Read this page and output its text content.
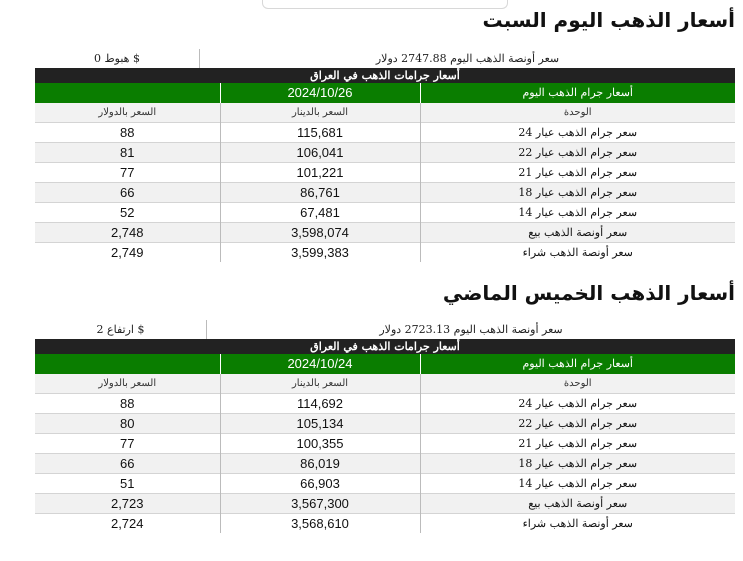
أسعار الذهب اليوم السبت
سعر أونصة الذهب اليوم 2747.88 دولار
هبوط 0 $
أسعار جرامات الذهب في العراق		
أسعار جرام الذهب اليوم	2024/10/26	
الوحدة	السعر بالدينار	السعر بالدولار
سعر جرام الذهب عيار 24	115,681	88
سعر جرام الذهب عيار 22	106,041	81
سعر جرام الذهب عيار 21	101,221	77
سعر جرام الذهب عيار 18	86,761	66
سعر جرام الذهب عيار 14	67,481	52
سعر أونصة الذهب بيع	3,598,074	2,748
سعر أونصة الذهب شراء	3,599,383	2,749
أسعار الذهب الخميس الماضي
سعر أونصة الذهب اليوم 2723.13 دولار
ارتفاع 2 $
أسعار جرامات الذهب في العراق		
أسعار جرام الذهب اليوم	2024/10/24	
الوحدة	السعر بالدينار	السعر بالدولار
سعر جرام الذهب عيار 24	114,692	88
سعر جرام الذهب عيار 22	105,134	80
سعر جرام الذهب عيار 21	100,355	77
سعر جرام الذهب عيار 18	86,019	66
سعر جرام الذهب عيار 14	66,903	51
سعر أونصة الذهب بيع	3,567,300	2,723
سعر أونصة الذهب شراء	3,568,610	2,724
